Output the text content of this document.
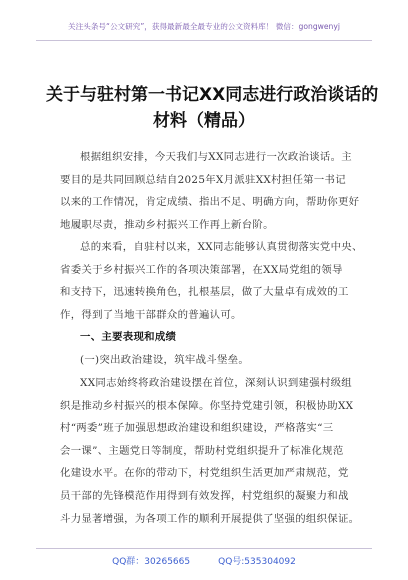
关注头条号“公文研究”，获得最新最全最专业的公文资料库！ 微信：gongwenyj
关于与驻村第一书记XX同志进行政治谈话的
材料（精品）
根据组织安排，今天我们与XX同志进行一次政治谈话。主
要目的是共同回顾总结自2025年X月派驻XX村担任第一书记
以来的工作情况，肯定成绩、指出不足、明确方向，帮助你更好
地履职尽责，推动乡村振兴工作再上新台阶。
总的来看，自驻村以来，XX同志能够认真贯彻落实党中央、
省委关于乡村振兴工作的各项决策部署，在XX局党组的领导
和支持下，迅速转换角色，扎根基层，做了大量卓有成效的工
作，得到了当地干部群众的普遍认可。
一、主要表现和成绩
(一)突出政治建设，筑牢战斗堡垒。
XX同志始终将政治建设摆在首位，深刻认识到建强村级组
织是推动乡村振兴的根本保障。你坚持党建引领，积极协助XX
村“两委”班子加强思想政治建设和组织建设，严格落实“三
会一课”、主题党日等制度，帮助村党组织提升了标准化规范
化建设水平。在你的带动下，村党组织生活更加严肃规范，党
员干部的先锋模范作用得到有效发挥，村党组织的凝聚力和战
斗力显著增强，为各项工作的顺利开展提供了坚强的组织保证。
QQ群：30265665	QQ号:535304092
